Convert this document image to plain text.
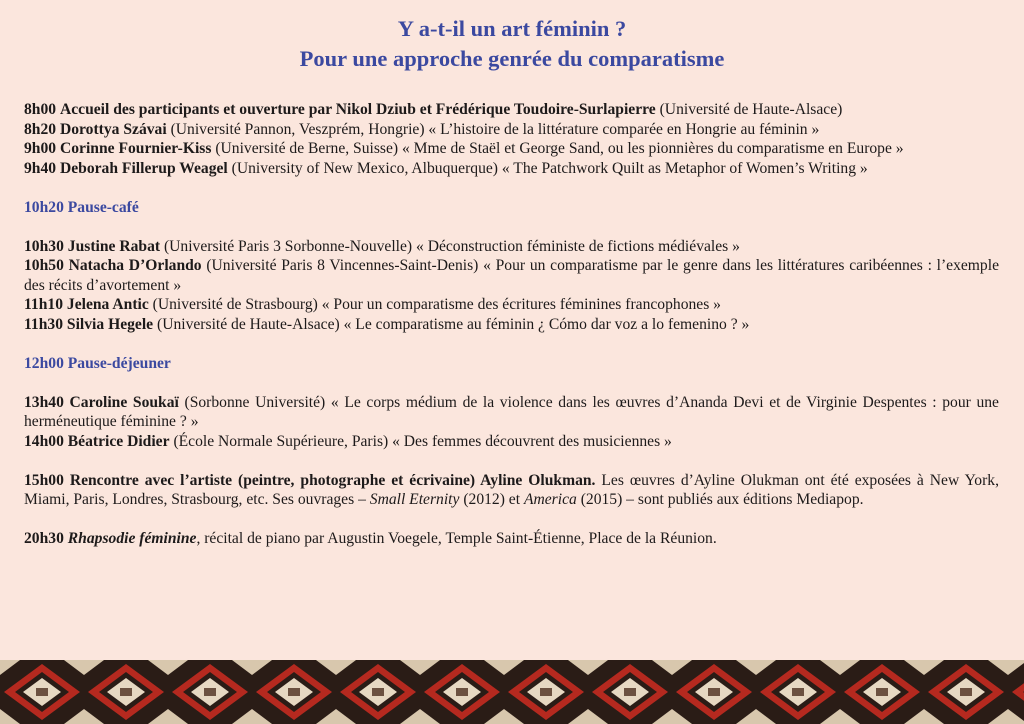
Y a-t-il un art féminin ?
Pour une approche genrée du comparatisme

8h00 Accueil des participants et ouverture par Nikol Dziub et Frédérique Toudoire-Surlapierre (Université de Haute-Alsace)

8h20 Dorottya Szávai (Université Pannon, Veszprém, Hongrie) « L’histoire de la littérature comparée en Hongrie au féminin »

9h00 Corinne Fournier-Kiss (Université de Berne, Suisse) « Mme de Staël et George Sand, ou les pionnières du comparatisme en Europe »

9h40 Deborah Fillerup Weagel (University of New Mexico, Albuquerque) « The Patchwork Quilt as Metaphor of Women’s Writing »

10h20 Pause-café

10h30 Justine Rabat (Université Paris 3 Sorbonne-Nouvelle) « Déconstruction féministe de fictions médiévales »

10h50 Natacha D’Orlando (Université Paris 8 Vincennes-Saint-Denis) « Pour un comparatisme par le genre dans les littératures caribéennes : l’exemple des récits d’avortement »

11h10 Jelena Antic (Université de Strasbourg) « Pour un comparatisme des écritures féminines francophones »

11h30 Silvia Hegele (Université de Haute-Alsace) « Le comparatisme au féminin ¿ Cómo dar voz a lo femenino ? »

12h00 Pause-déjeuner

13h40 Caroline Soukaï (Sorbonne Université) « Le corps médium de la violence dans les œuvres d’Ananda Devi et de Virginie Despentes : pour une herméneutique féminine ? »

14h00 Béatrice Didier (École Normale Supérieure, Paris) « Des femmes découvrent des musiciennes »

15h00 Rencontre avec l’artiste (peintre, photographe et écrivaine) Ayline Olukman. Les œuvres d’Ayline Olukman ont été exposées à New York, Miami, Paris, Londres, Strasbourg, etc. Ses ouvrages – Small Eternity (2012) et America (2015) – sont publiés aux éditions Mediapop.

20h30 Rhapsodie féminine, récital de piano par Augustin Voegele, Temple Saint-Étienne, Place de la Réunion.
